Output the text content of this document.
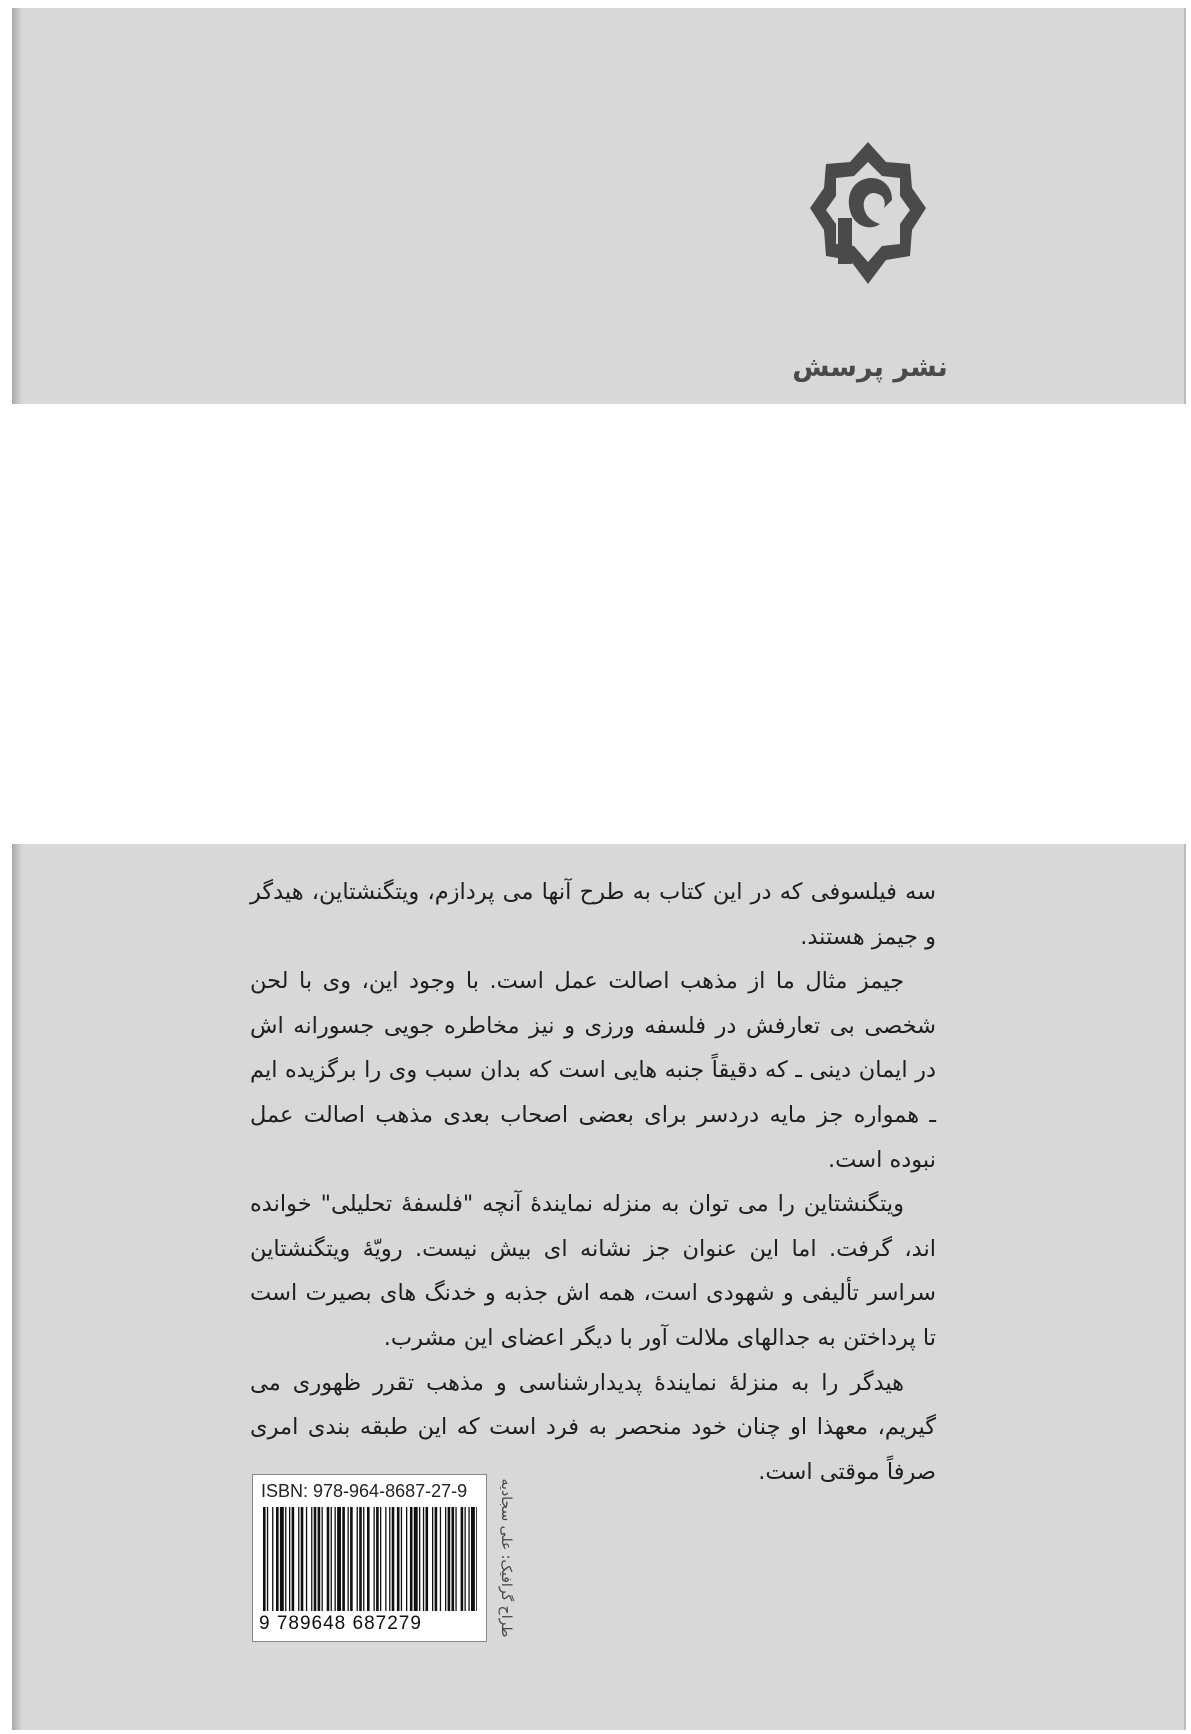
نشر پرسش

سه فیلسوفی که در این کتاب به طرح آنها می پردازم، ویتگنشتاین، هیدگر و جیمز هستند.

جیمز مثال ما از مذهب اصالت عمل است. با وجود این، وی با لحن شخصی بی تعارفش در فلسفه ورزی و نیز مخاطره جویی جسورانه اش در ایمان دینی ـ که دقیقاً جنبه هایی است که بدان سبب وی را برگزیده ایم ـ همواره جز مایه دردسر برای بعضی اصحاب بعدی مذهب اصالت عمل نبوده است.

ویتگنشتاین را می توان به منزله نمایندهٔ آنچه "فلسفهٔ تحلیلی" خوانده اند، گرفت. اما این عنوان جز نشانه ای بیش نیست. رویّهٔ ویتگنشتاین سراسر تألیفی و شهودی است، همه اش جذبه و خدنگ های بصیرت است تا پرداختن به جدالهای ملالت آور با دیگر اعضای این مشرب.

هیدگر را به منزلهٔ نمایندهٔ پدیدارشناسی و مذهب تقرر ظهوری می گیریم، معهذا او چنان خود منحصر به فرد است که این طبقه بندی امری صرفاً موقتی است.

ISBN: 978-964-8687-27-9
9 789648 687279	طراح گرافیک: علی سجادیه
